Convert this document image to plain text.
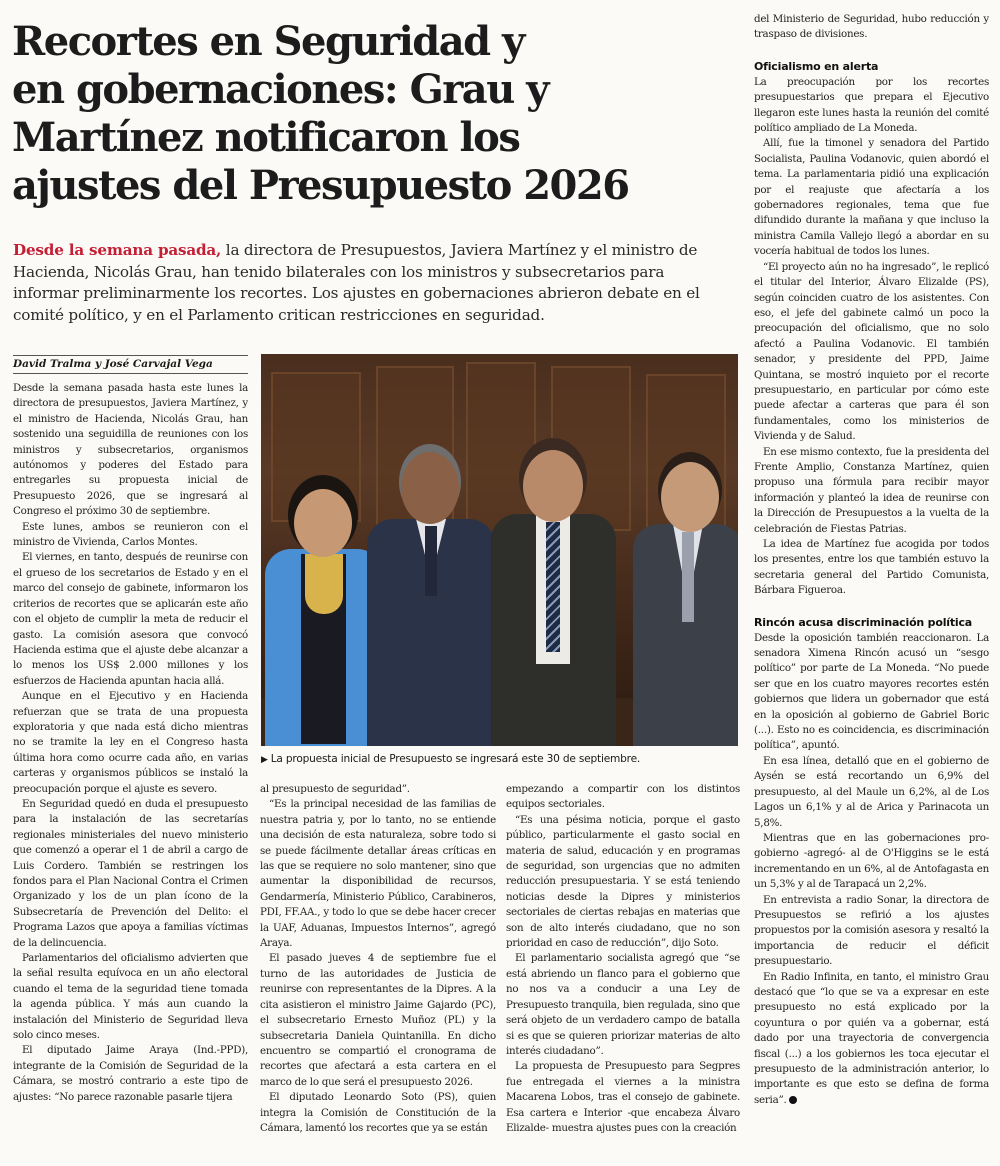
Recortes en Seguridad y
en gobernaciones: Grau y
Martínez notificaron los
ajustes del Presupuesto 2026

Desde la semana pasada, la directora de Presupuestos, Javiera Martínez y el ministro de Hacienda, Nicolás Grau, han tenido bilaterales con los ministros y subsecretarios para informar preliminarmente los recortes. Los ajustes en gobernaciones abrieron debate en el comité político, y en el Parlamento critican restricciones en seguridad.

David Tralma y José Carvajal Vega

Desde la semana pasada hasta este lunes la directora de presupuestos, Javiera Martínez, y el ministro de Hacienda, Nicolás Grau, han sostenido una seguidilla de reuniones con los ministros y subsecretarios, organismos autónomos y poderes del Estado para entregarles su propuesta inicial de Presupuesto 2026, que se ingresará al Congreso el próximo 30 de septiembre.

Este lunes, ambos se reunieron con el ministro de Vivienda, Carlos Montes.

El viernes, en tanto, después de reunirse con el grueso de los secretarios de Estado y en el marco del consejo de gabinete, informaron los criterios de recortes que se aplicarán este año con el objeto de cumplir la meta de reducir el gasto. La comisión asesora que convocó Hacienda estima que el ajuste debe alcanzar a lo menos los US$ 2.000 millones y los esfuerzos de Hacienda apuntan hacia allá.

Aunque en el Ejecutivo y en Hacienda refuerzan que se trata de una propuesta exploratoria y que nada está dicho mientras no se tramite la ley en el Congreso hasta última hora como ocurre cada año, en varias carteras y organismos públicos se instaló la preocupación porque el ajuste es severo.

En Seguridad quedó en duda el presupuesto para la instalación de las secretarías regionales ministeriales del nuevo ministerio que comenzó a operar el 1 de abril a cargo de Luis Cordero. También se restringen los fondos para el Plan Nacional Contra el Crimen Organizado y los de un plan ícono de la Subsecretaría de Prevención del Delito: el Programa Lazos que apoya a familias víctimas de la delincuencia.

Parlamentarios del oficialismo advierten que la señal resulta equívoca en un año electoral cuando el tema de la seguridad tiene tomada la agenda pública. Y más aun cuando la instalación del Ministerio de Seguridad lleva solo cinco meses.

El diputado Jaime Araya (Ind.-PPD), integrante de la Comisión de Seguridad de la Cámara, se mostró contrario a este tipo de ajustes: “No parece razonable pasarle tijera

▶ La propuesta inicial de Presupuesto se ingresará este 30 de septiembre.

al presupuesto de seguridad”.

“Es la principal necesidad de las familias de nuestra patria y, por lo tanto, no se entiende una decisión de esta naturaleza, sobre todo si se puede fácilmente detallar áreas críticas en las que se requiere no solo mantener, sino que aumentar la disponibilidad de recursos, Gendarmería, Ministerio Público, Carabineros, PDI, FF.AA., y todo lo que se debe hacer crecer la UAF, Aduanas, Impuestos Internos”, agregó Araya.

El pasado jueves 4 de septiembre fue el turno de las autoridades de Justicia de reunirse con representantes de la Dipres. A la cita asistieron el ministro Jaime Gajardo (PC), el subsecretario Ernesto Muñoz (PL) y la subsecretaria Daniela Quintanilla. En dicho encuentro se compartió el cronograma de recortes que afectará a esta cartera en el marco de lo que será el presupuesto 2026.

El diputado Leonardo Soto (PS), quien integra la Comisión de Constitución de la Cámara, lamentó los recortes que ya se están

empezando a compartir con los distintos equipos sectoriales.

“Es una pésima noticia, porque el gasto público, particularmente el gasto social en materia de salud, educación y en programas de seguridad, son urgencias que no admiten reducción presupuestaria. Y se está teniendo noticias desde la Dipres y ministerios sectoriales de ciertas rebajas en materias que son de alto interés ciudadano, que no son prioridad en caso de reducción”, dijo Soto.

El parlamentario socialista agregó que “se está abriendo un flanco para el gobierno que no nos va a conducir a una Ley de Presupuesto tranquila, bien regulada, sino que será objeto de un verdadero campo de batalla si es que se quieren priorizar materias de alto interés ciudadano”.

La propuesta de Presupuesto para Segpres fue entregada el viernes a la ministra Macarena Lobos, tras el consejo de gabinete. Esa cartera e Interior -que encabeza Álvaro Elizalde- muestra ajustes pues con la creación

del Ministerio de Seguridad, hubo reducción y traspaso de divisiones.

Oficialismo en alerta

La preocupación por los recortes presupuestarios que prepara el Ejecutivo llegaron este lunes hasta la reunión del comité político ampliado de La Moneda.

Allí, fue la timonel y senadora del Partido Socialista, Paulina Vodanovic, quien abordó el tema. La parlamentaria pidió una explicación por el reajuste que afectaría a los gobernadores regionales, tema que fue difundido durante la mañana y que incluso la ministra Camila Vallejo llegó a abordar en su vocería habitual de todos los lunes.

“El proyecto aún no ha ingresado”, le replicó el titular del Interior, Álvaro Elizalde (PS), según coinciden cuatro de los asistentes. Con eso, el jefe del gabinete calmó un poco la preocupación del oficialismo, que no solo afectó a Paulina Vodanovic. El también senador, y presidente del PPD, Jaime Quintana, se mostró inquieto por el recorte presupuestario, en particular por cómo este puede afectar a carteras que para él son fundamentales, como los ministerios de Vivienda y de Salud.

En ese mismo contexto, fue la presidenta del Frente Amplio, Constanza Martínez, quien propuso una fórmula para recibir mayor información y planteó la idea de reunirse con la Dirección de Presupuestos a la vuelta de la celebración de Fiestas Patrias.

La idea de Martínez fue acogida por todos los presentes, entre los que también estuvo la secretaria general del Partido Comunista, Bárbara Figueroa.

Rincón acusa discriminación política

Desde la oposición también reaccionaron. La senadora Ximena Rincón acusó un “sesgo político” por parte de La Moneda. “No puede ser que en los cuatro mayores recortes estén gobiernos que lidera un gobernador que está en la oposición al gobierno de Gabriel Boric (...). Esto no es coincidencia, es discriminación política”, apuntó.

En esa línea, detalló que en el gobierno de Aysén se está recortando un 6,9% del presupuesto, al del Maule un 6,2%, al de Los Lagos un 6,1% y al de Arica y Parinacota un 5,8%.

Mientras que en las gobernaciones pro-gobierno -agregó- al de O'Higgins se le está incrementando en un 6%, al de Antofagasta en un 5,3% y al de Tarapacá un 2,2%.

En entrevista a radio Sonar, la directora de Presupuestos se refirió a los ajustes propuestos por la comisión asesora y resaltó la importancia de reducir el déficit presupuestario.

En Radio Infinita, en tanto, el ministro Grau destacó que “lo que se va a expresar en este presupuesto no está explicado por la coyuntura o por quién va a gobernar, está dado por una trayectoria de convergencia fiscal (...) a los gobiernos les toca ejecutar el presupuesto de la administración anterior, lo importante es que esto se defina de forma seria”.
